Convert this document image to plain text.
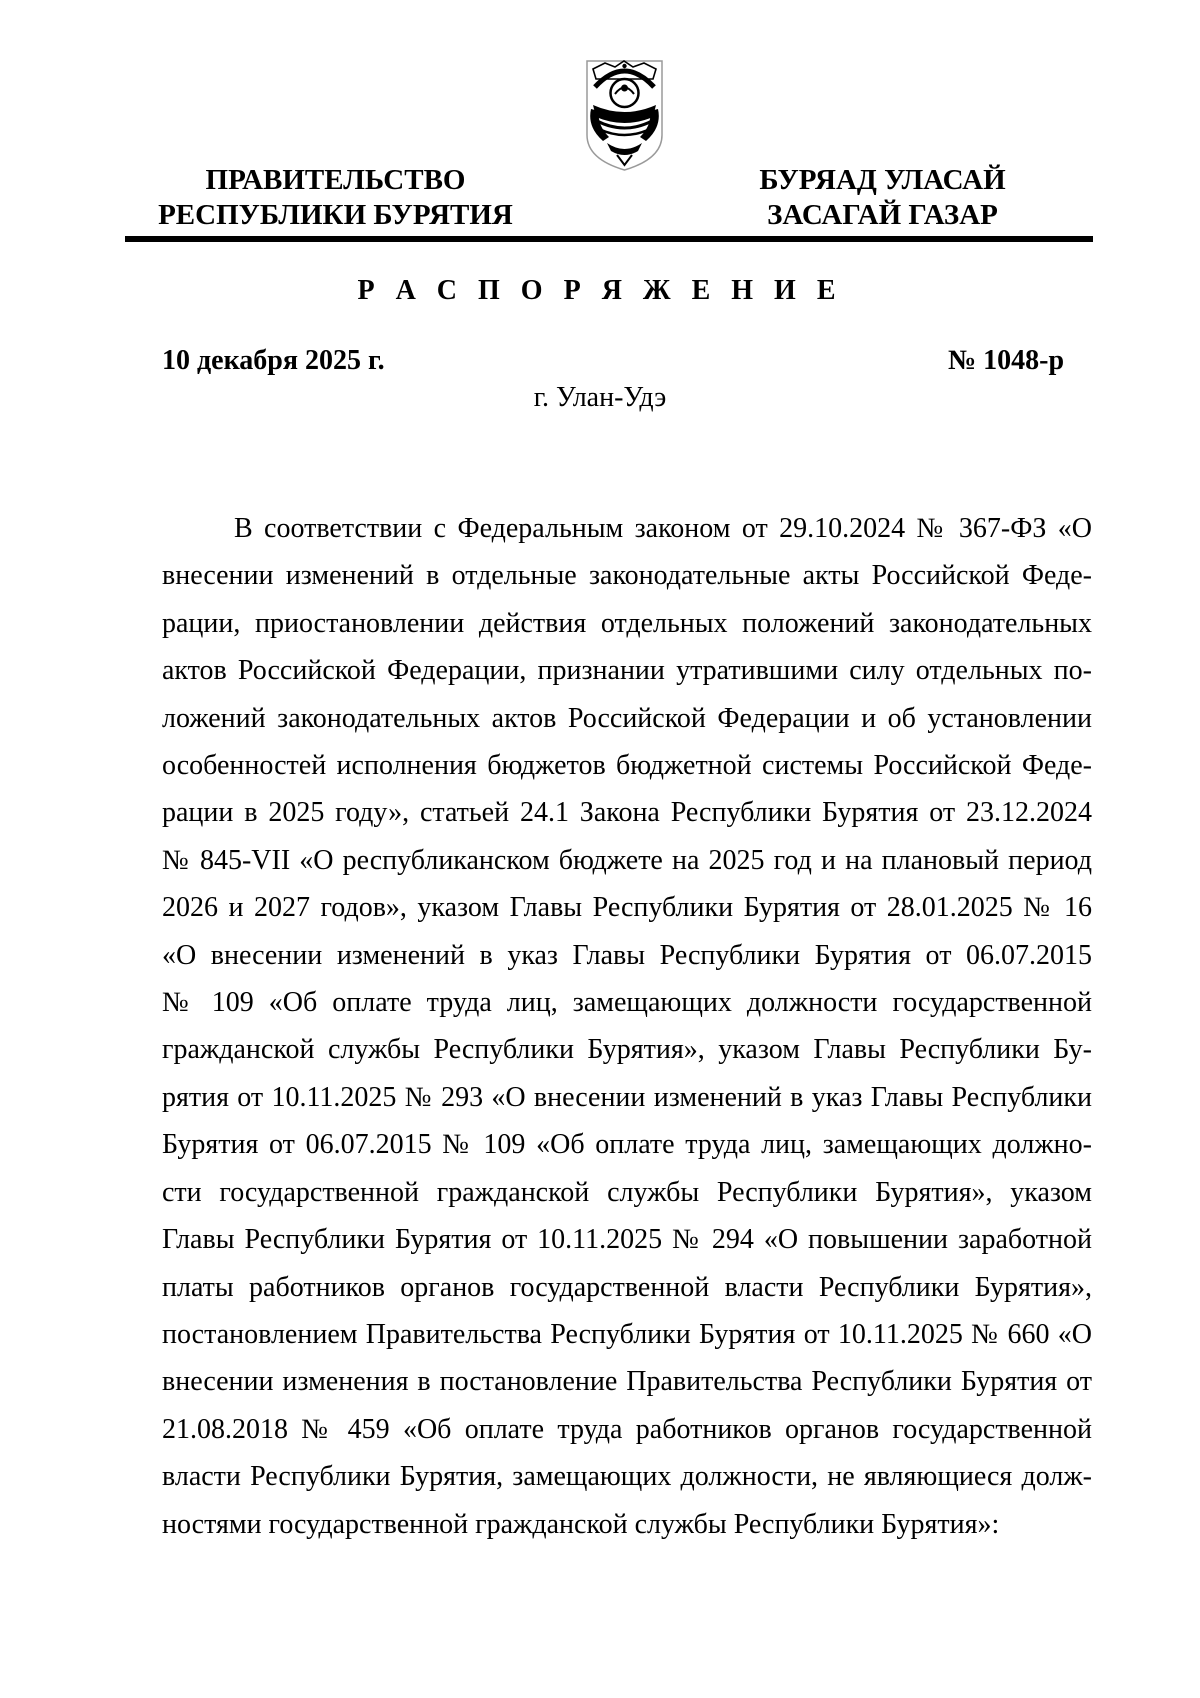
ПРАВИТЕЛЬСТВО
РЕСПУБЛИКИ БУРЯТИЯ
БУРЯАД УЛАСАЙ
ЗАСАГАЙ ГАЗАР
Р А С П О Р Я Ж Е Н И Е
10 декабря 2025 г.	№ 1048-р
г. Улан-Удэ
В соответствии с Федеральным законом от 29.10.2024 № 367-ФЗ «О
внесении изменений в отдельные законодательные акты Российской Феде-
рации, приостановлении действия отдельных положений законодательных
актов Российской Федерации, признании утратившими силу отдельных по-
ложений законодательных актов Российской Федерации и об установлении
особенностей исполнения бюджетов бюджетной системы Российской Феде-
рации в 2025 году», статьей 24.1 Закона Республики Бурятия от 23.12.2024
№ 845-VII «О республиканском бюджете на 2025 год и на плановый период
2026 и 2027 годов», указом Главы Республики Бурятия от 28.01.2025 № 16
«О внесении изменений в указ Главы Республики Бурятия от 06.07.2015
№ 109 «Об оплате труда лиц, замещающих должности государственной
гражданской службы Республики Бурятия», указом Главы Республики Бу-
рятия от 10.11.2025 № 293 «О внесении изменений в указ Главы Республики
Бурятия от 06.07.2015 № 109 «Об оплате труда лиц, замещающих должно-
сти государственной гражданской службы Республики Бурятия», указом
Главы Республики Бурятия от 10.11.2025 № 294 «О повышении заработной
платы работников органов государственной власти Республики Бурятия»,
постановлением Правительства Республики Бурятия от 10.11.2025 № 660 «О
внесении изменения в постановление Правительства Республики Бурятия от
21.08.2018 № 459 «Об оплате труда работников органов государственной
власти Республики Бурятия, замещающих должности, не являющиеся долж-
ностями государственной гражданской службы Республики Бурятия»:
